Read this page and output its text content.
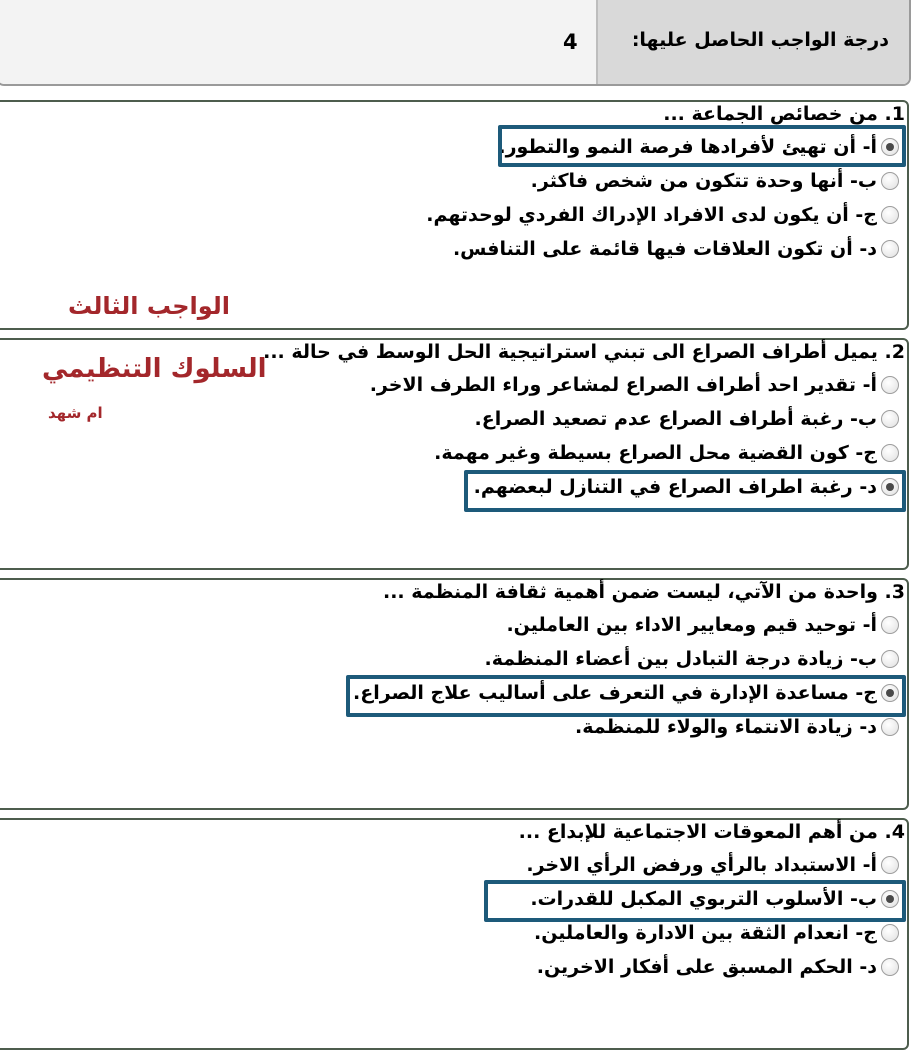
درجة الواجب الحاصل عليها:
4
1. من خصائص الجماعة ...
أ- أن تهيئ لأفرادها فرصة النمو والتطور.
ب- أنها وحدة تتكون من شخص فاكثر.
ج- أن يكون لدى الافراد الإدراك الفردي لوحدتهم.
د- أن تكون العلاقات فيها قائمة على التنافس.
الواجب الثالث
2. يميل أطراف الصراع الى تبني استراتيجية الحل الوسط في حالة ...
أ- تقدير احد أطراف الصراع لمشاعر وراء الطرف الاخر.
ب- رغبة أطراف الصراع عدم تصعيد الصراع.
ج- كون القضية محل الصراع بسيطة وغير مهمة.
د- رغبة اطراف الصراع في التنازل لبعضهم.
السلوك التنظيمي
ام شهد
3. واحدة من الآتي، ليست ضمن أهمية ثقافة المنظمة ...
أ- توحيد قيم ومعايير الاداء بين العاملين.
ب- زيادة درجة التبادل بين أعضاء المنظمة.
ج- مساعدة الإدارة في التعرف على أساليب علاج الصراع.
د- زيادة الانتماء والولاء للمنظمة.
4. من أهم المعوقات الاجتماعية للإبداع ...
أ- الاستبداد بالرأي ورفض الرأي الاخر.
ب- الأسلوب التربوي المكبل للقدرات.
ج- انعدام الثقة بين الادارة والعاملين.
د- الحكم المسبق على أفكار الاخرين.
